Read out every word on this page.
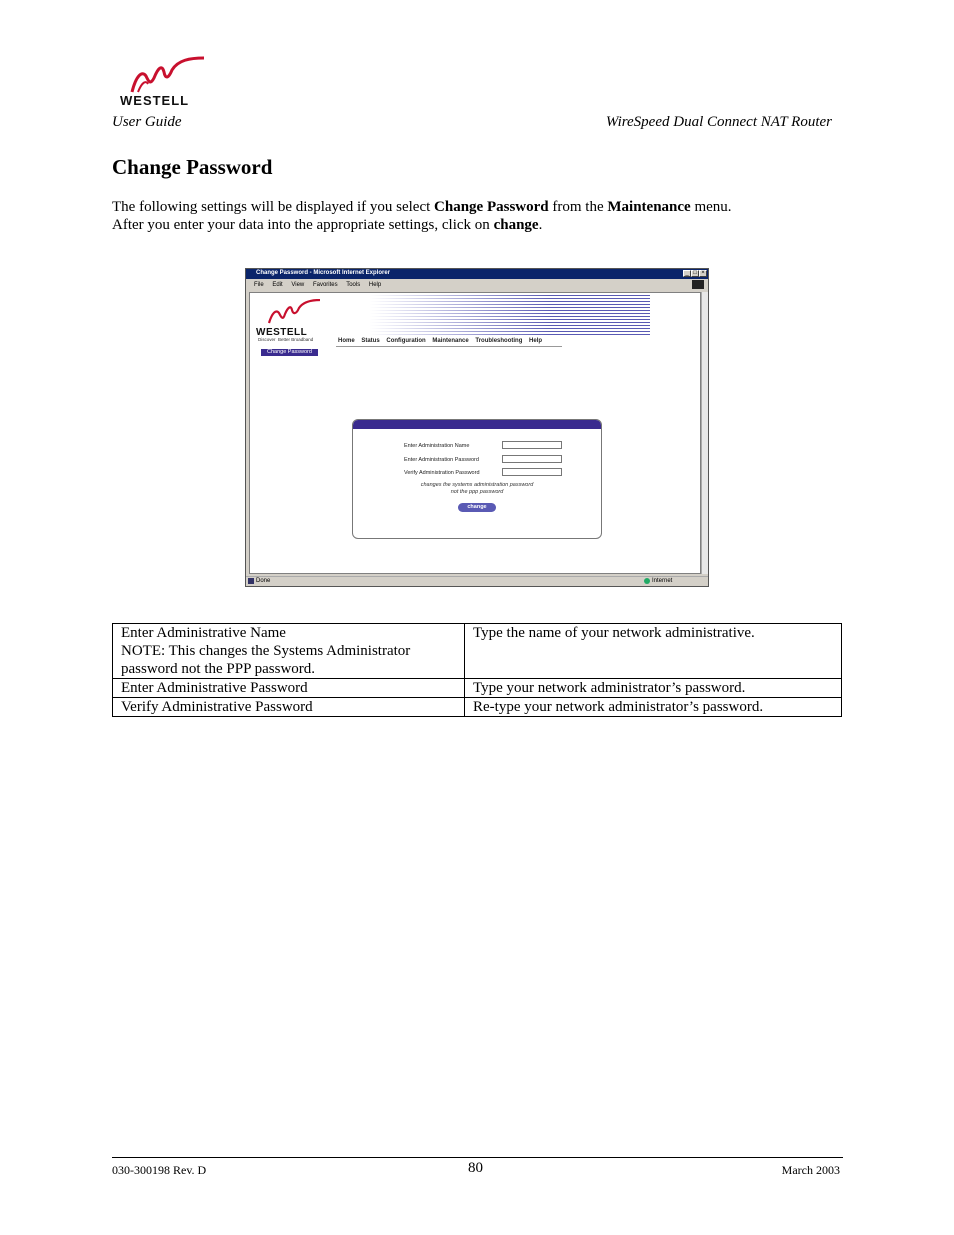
WESTELL
User Guide	WireSpeed Dual Connect NAT Router
Change Password
The following settings will be displayed if you select Change Password from the Maintenance menu.
After you enter your data into the appropriate settings, click on change.
Change Password - Microsoft Internet Explorer	_ □ ×
File Edit View Favorites Tools Help
WESTELL
Discover  Better Broadband	Home Status Configuration Maintenance Troubleshooting Help
Change Password
Enter Administration Name
Enter Administration Password
Verify Administration Password
changes the systems administration password
not the ppp password
change
Done	Internet
Enter Administrative Name
NOTE: This changes the Systems Administrator
password not the PPP password.	Type the name of your network administrative.
Enter Administrative Password	Type your network administrator’s password.
Verify Administrative Password	Re-type your network administrator’s password.
030-300198 Rev. D	80	March 2003
